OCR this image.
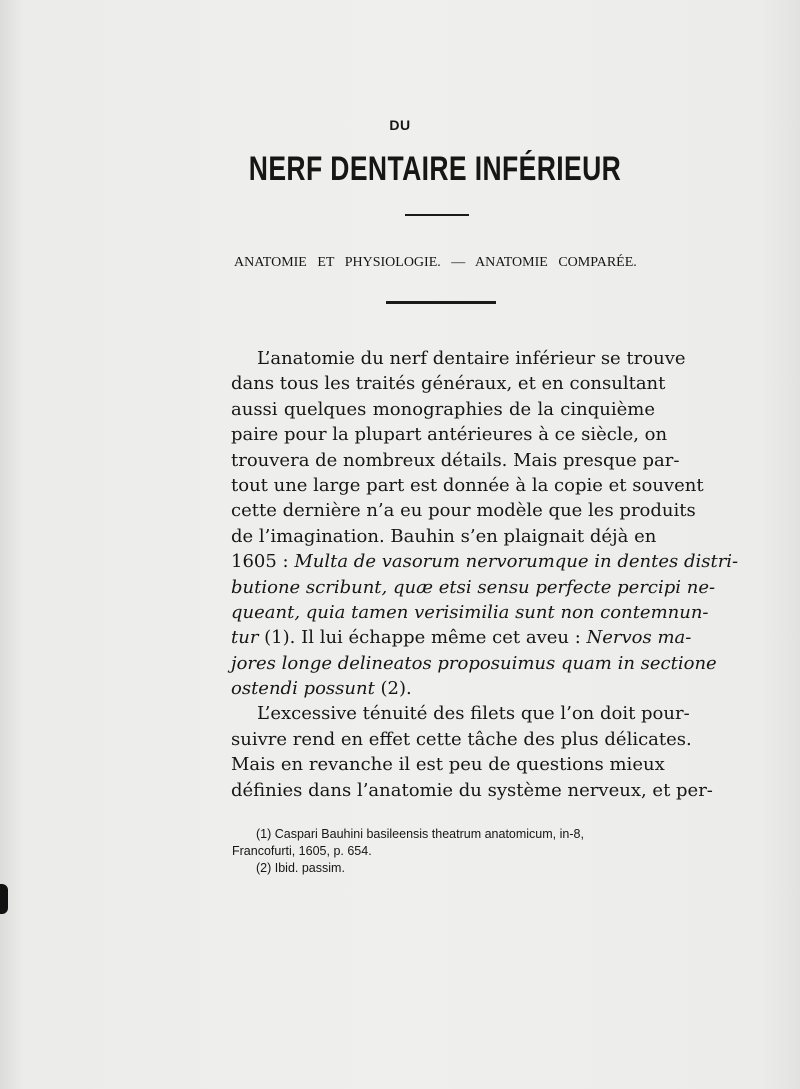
DU
NERF DENTAIRE INFÉRIEUR
ANATOMIE ET PHYSIOLOGIE. — ANATOMIE COMPARÉE.
L’anatomie du nerf dentaire inférieur se trouve
dans tous les traités généraux, et en consultant
aussi quelques monographies de la cinquième
paire pour la plupart antérieures à ce siècle, on
trouvera de nombreux détails. Mais presque par-
tout une large part est donnée à la copie et souvent
cette dernière n’a eu pour modèle que les produits
de l’imagination. Bauhin s’en plaignait déjà en
1605 : Multa de vasorum nervorumque in dentes distri-
butione scribunt, quæ etsi sensu perfecte percipi ne-
queant, quia tamen verisimilia sunt non contemnun-
tur (1). Il lui échappe même cet aveu : Nervos ma-
jores longe delineatos proposuimus quam in sectione
ostendi possunt (2).
L’excessive ténuité des filets que l’on doit pour-
suivre rend en effet cette tâche des plus délicates.
Mais en revanche il est peu de questions mieux
définies dans l’anatomie du système nerveux, et per-
(1) Caspari Bauhini basileensis theatrum anatomicum, in-8,
Francofurti, 1605, p. 654.
(2) Ibid. passim.
